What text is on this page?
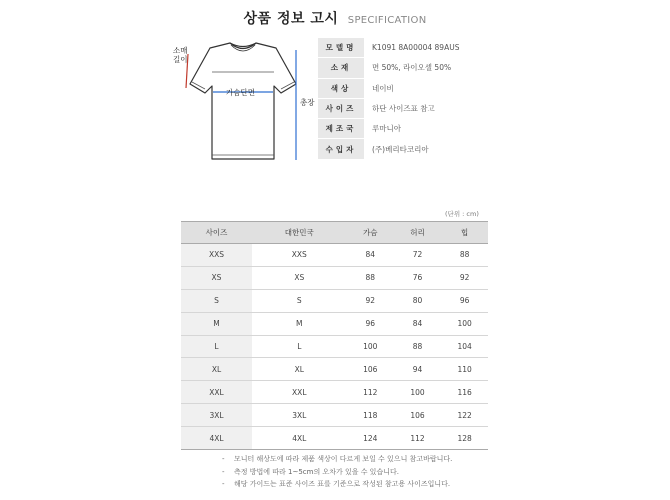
상품 정보 고시 SPECIFICATION
소매
길이
가슴단면
총장
모델명	K1091 8A00004 89AUS
소재	면 50%, 라이오셀 50%
색상	네이비
사이즈	하단 사이즈표 참고
제조국	루마니아
수입자	(주)베리타코리아
(단위 : cm)
사이즈	대한민국	가슴	허리	힙
XXS	XXS	84	72	88
XS	XS	88	76	92
S	S	92	80	96
M	M	96	84	100
L	L	100	88	104
XL	XL	106	94	110
XXL	XXL	112	100	116
3XL	3XL	118	106	122
4XL	4XL	124	112	128
- 모니터 해상도에 따라 제품 색상이 다르게 보일 수 있으니 참고바랍니다.
- 측정 방법에 따라 1~5cm의 오차가 있을 수 있습니다.
- 해당 가이드는 표준 사이즈 표를 기준으로 작성된 참고용 사이즈입니다.
